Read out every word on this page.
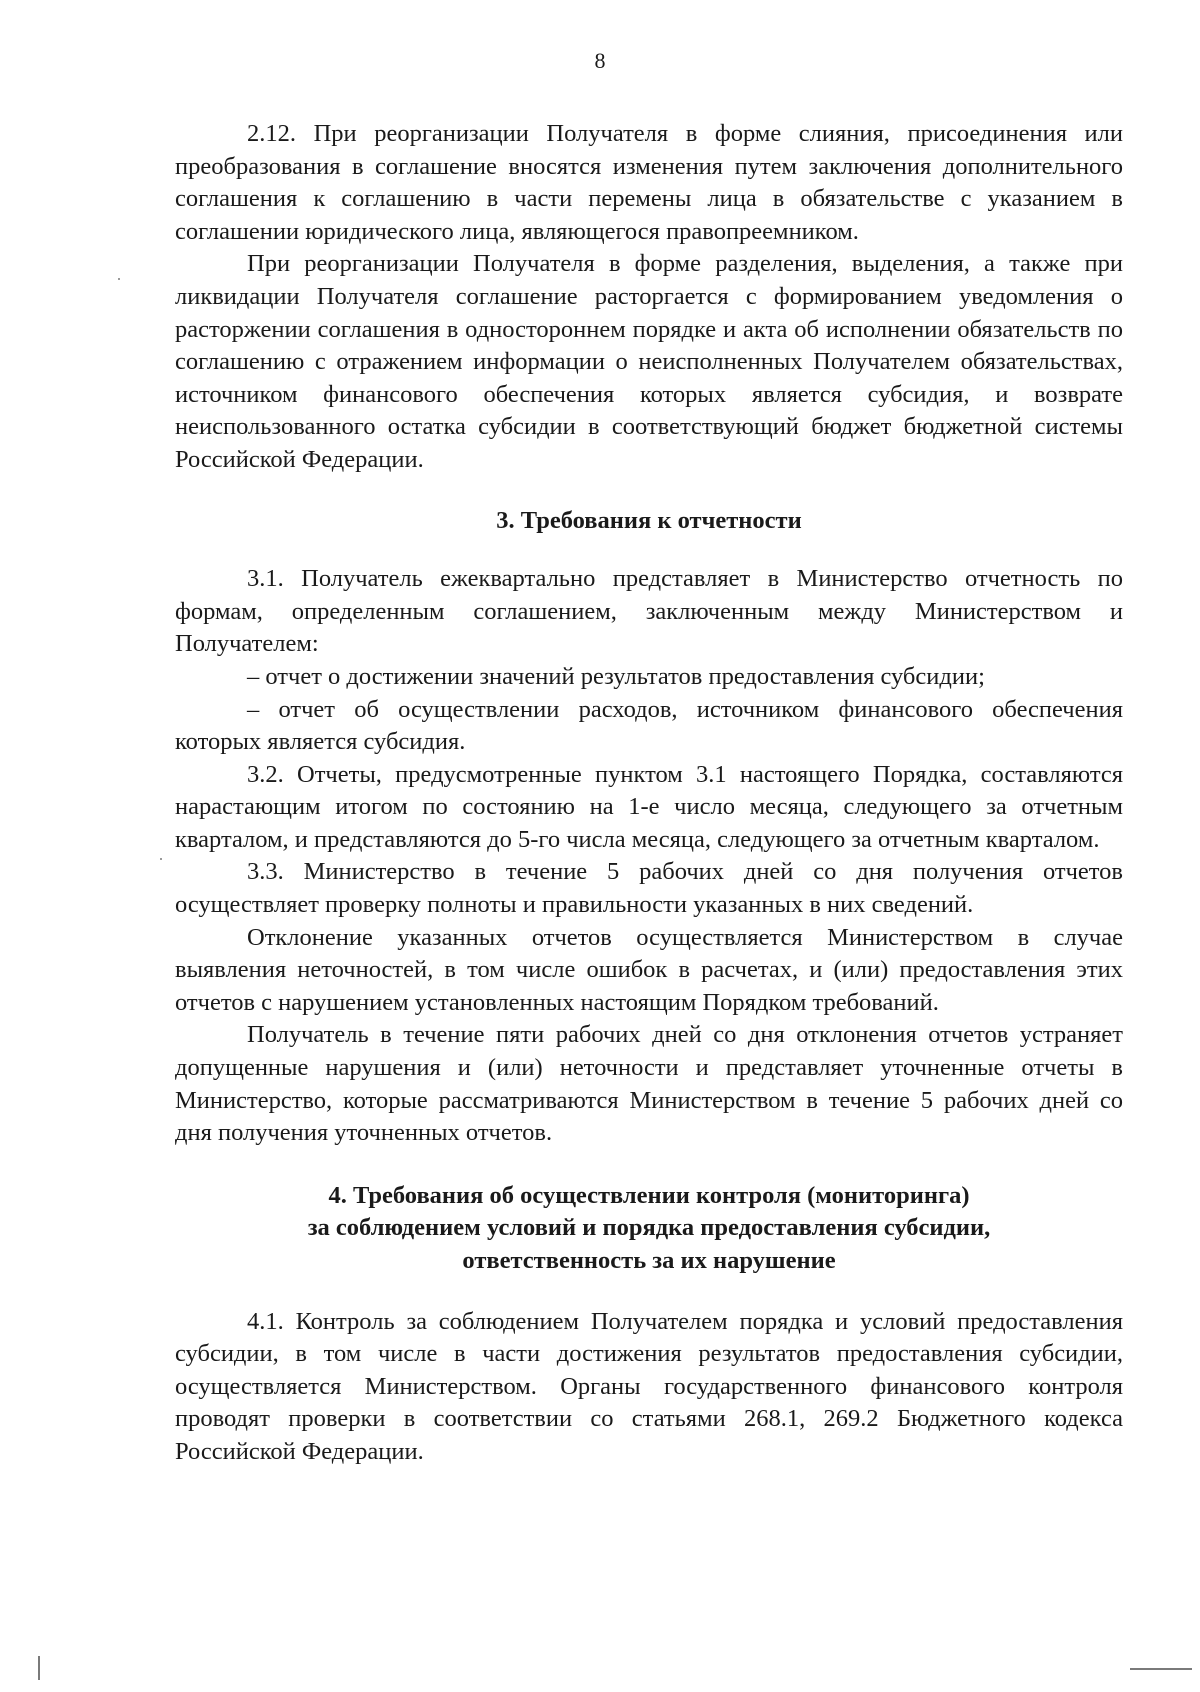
8

2.12. При реорганизации Получателя в форме слияния, присоединения или преобразования в соглашение вносятся изменения путем заключения дополнительного соглашения к соглашению в части перемены лица в обязательстве с указанием в соглашении юридического лица, являющегося правопреемником.

При реорганизации Получателя в форме разделения, выделения, а также при ликвидации Получателя соглашение расторгается с формированием уведомления о расторжении соглашения в одностороннем порядке и акта об исполнении обязательств по соглашению с отражением информации о неисполненных Получателем обязательствах, источником финансового обеспечения которых является субсидия, и возврате неиспользованного остатка субсидии в соответствующий бюджет бюджетной системы Российской Федерации.

3. Требования к отчетности

3.1. Получатель ежеквартально представляет в Министерство отчетность по формам, определенным соглашением, заключенным между Министерством и Получателем:

– отчет о достижении значений результатов предоставления субсидии;

– отчет об осуществлении расходов, источником финансового обеспечения которых является субсидия.

3.2. Отчеты, предусмотренные пунктом 3.1 настоящего Порядка, составляются нарастающим итогом по состоянию на 1-е число месяца, следующего за отчетным кварталом, и представляются до 5-го числа месяца, следующего за отчетным кварталом.

3.3. Министерство в течение 5 рабочих дней со дня получения отчетов осуществляет проверку полноты и правильности указанных в них сведений.

Отклонение указанных отчетов осуществляется Министерством в случае выявления неточностей, в том числе ошибок в расчетах, и (или) предоставления этих отчетов с нарушением установленных настоящим Порядком требований.

Получатель в течение пяти рабочих дней со дня отклонения отчетов устраняет допущенные нарушения и (или) неточности и представляет уточненные отчеты в Министерство, которые рассматриваются Министерством в течение 5 рабочих дней со дня получения уточненных отчетов.

4. Требования об осуществлении контроля (мониторинга)
за соблюдением условий и порядка предоставления субсидии,
ответственность за их нарушение

4.1. Контроль за соблюдением Получателем порядка и условий предоставления субсидии, в том числе в части достижения результатов предоставления субсидии, осуществляется Министерством. Органы государственного финансового контроля проводят проверки в соответствии со статьями 268.1, 269.2 Бюджетного кодекса Российской Федерации.
